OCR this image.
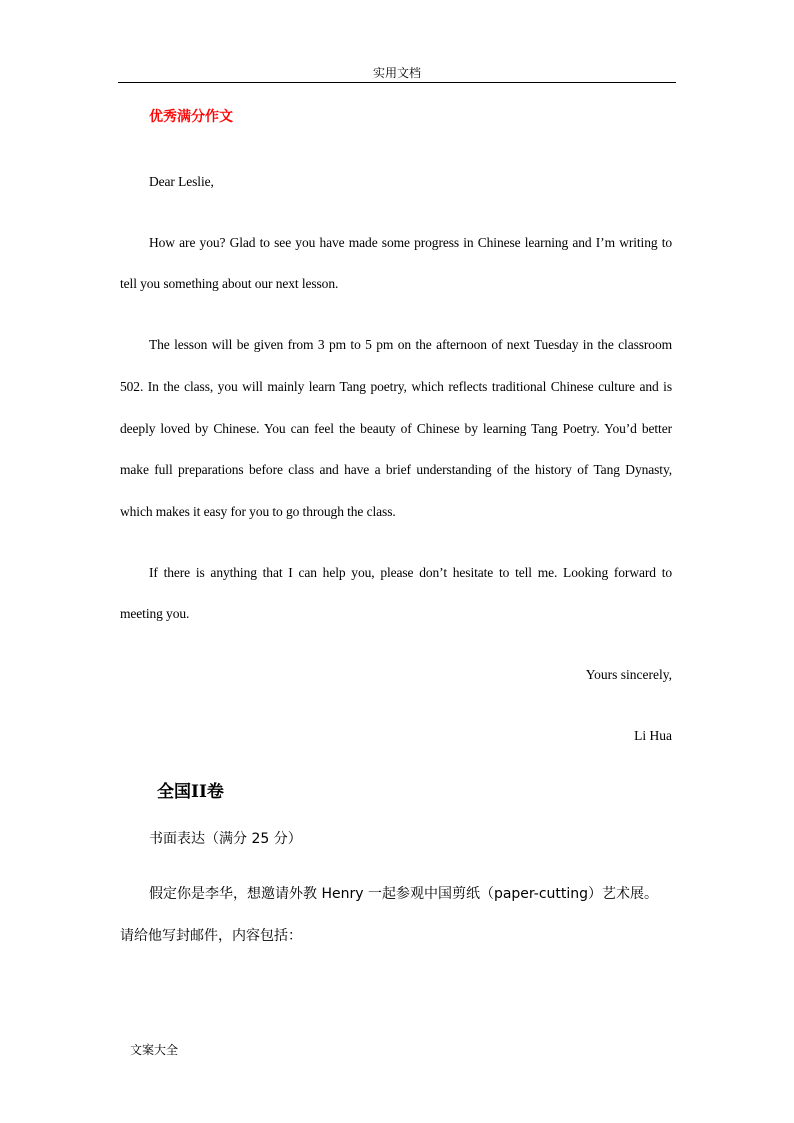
实用文档

优秀满分作文

Dear Leslie,

How are you? Glad to see you have made some progress in Chinese learning and I’m writing to tell you something about our next lesson.

The lesson will be given from 3 pm to 5 pm on the afternoon of next Tuesday in the classroom 502. In the class, you will mainly learn Tang poetry, which reflects traditional Chinese culture and is deeply loved by Chinese. You can feel the beauty of Chinese by learning Tang Poetry. You’d better make full preparations before class and have a brief understanding of the history of Tang Dynasty, which makes it easy for you to go through the class.

If there is anything that I can help you, please don’t hesitate to tell me. Looking forward to meeting you.

Yours sincerely,

Li Hua

全国II卷

书面表达（满分 25 分）

假定你是李华，想邀请外教 Henry 一起参观中国剪纸（paper-cutting）艺术展。请给他写封邮件，内容包括：

文案大全
